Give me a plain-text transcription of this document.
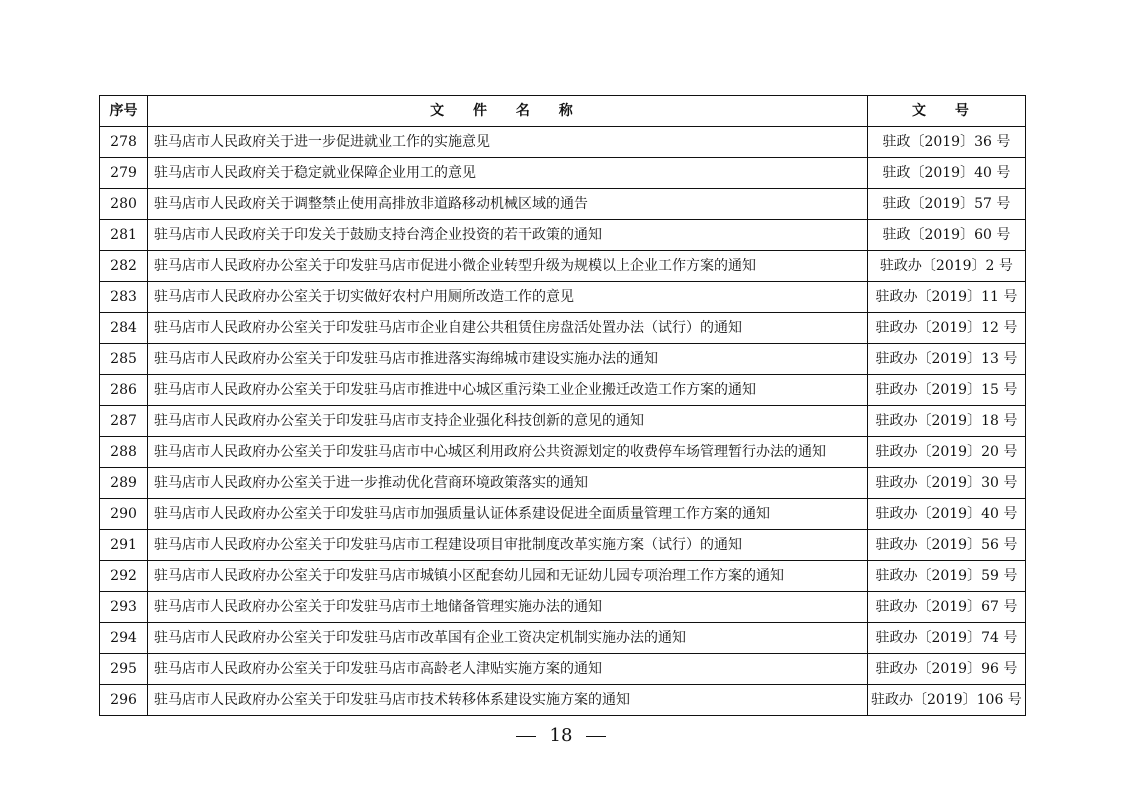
序号	文 件 名 称	文 号
278	驻马店市人民政府关于进一步促进就业工作的实施意见	驻政〔2019〕36 号
279	驻马店市人民政府关于稳定就业保障企业用工的意见	驻政〔2019〕40 号
280	驻马店市人民政府关于调整禁止使用高排放非道路移动机械区域的通告	驻政〔2019〕57 号
281	驻马店市人民政府关于印发关于鼓励支持台湾企业投资的若干政策的通知	驻政〔2019〕60 号
282	驻马店市人民政府办公室关于印发驻马店市促进小微企业转型升级为规模以上企业工作方案的通知	驻政办〔2019〕2 号
283	驻马店市人民政府办公室关于切实做好农村户用厕所改造工作的意见	驻政办〔2019〕11 号
284	驻马店市人民政府办公室关于印发驻马店市企业自建公共租赁住房盘活处置办法（试行）的通知	驻政办〔2019〕12 号
285	驻马店市人民政府办公室关于印发驻马店市推进落实海绵城市建设实施办法的通知	驻政办〔2019〕13 号
286	驻马店市人民政府办公室关于印发驻马店市推进中心城区重污染工业企业搬迁改造工作方案的通知	驻政办〔2019〕15 号
287	驻马店市人民政府办公室关于印发驻马店市支持企业强化科技创新的意见的通知	驻政办〔2019〕18 号
288	驻马店市人民政府办公室关于印发驻马店市中心城区利用政府公共资源划定的收费停车场管理暂行办法的通知	驻政办〔2019〕20 号
289	驻马店市人民政府办公室关于进一步推动优化营商环境政策落实的通知	驻政办〔2019〕30 号
290	驻马店市人民政府办公室关于印发驻马店市加强质量认证体系建设促进全面质量管理工作方案的通知	驻政办〔2019〕40 号
291	驻马店市人民政府办公室关于印发驻马店市工程建设项目审批制度改革实施方案（试行）的通知	驻政办〔2019〕56 号
292	驻马店市人民政府办公室关于印发驻马店市城镇小区配套幼儿园和无证幼儿园专项治理工作方案的通知	驻政办〔2019〕59 号
293	驻马店市人民政府办公室关于印发驻马店市土地储备管理实施办法的通知	驻政办〔2019〕67 号
294	驻马店市人民政府办公室关于印发驻马店市改革国有企业工资决定机制实施办法的通知	驻政办〔2019〕74 号
295	驻马店市人民政府办公室关于印发驻马店市高龄老人津贴实施方案的通知	驻政办〔2019〕96 号
296	驻马店市人民政府办公室关于印发驻马店市技术转移体系建设实施方案的通知	驻政办〔2019〕106 号
18
